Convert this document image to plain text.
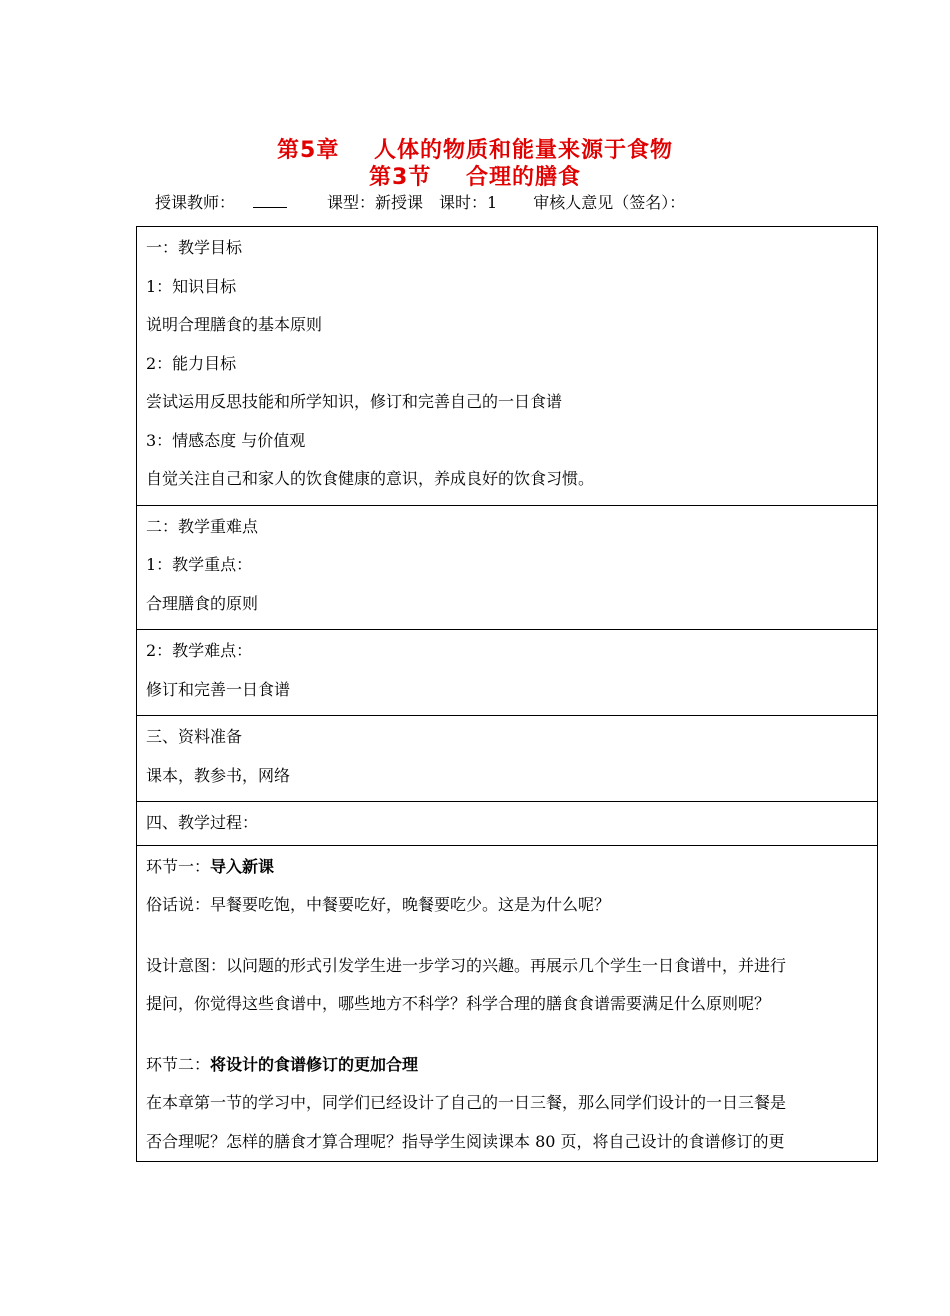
第5章    人体的物质和能量来源于食物
第3节    合理的膳食
授课教师：	课型：新授课 课时：1 审核人意见（签名）：
一：教学目标
1：知识目标
说明合理膳食的基本原则
2：能力目标
尝试运用反思技能和所学知识，修订和完善自己的一日食谱
3：情感态度 与价值观
自觉关注自己和家人的饮食健康的意识，养成良好的饮食习惯。

二：教学重难点
1：教学重点：
合理膳食的原则

2：教学难点：
修订和完善一日食谱

三、资料准备
课本，教参书，网络

四、教学过程：

环节一：导入新课
俗话说：早餐要吃饱，中餐要吃好，晚餐要吃少。这是为什么呢？
设计意图：以问题的形式引发学生进一步学习的兴趣。再展示几个学生一日食谱中，并进行
提问，你觉得这些食谱中，哪些地方不科学？科学合理的膳食食谱需要满足什么原则呢？
环节二：将设计的食谱修订的更加合理
在本章第一节的学习中，同学们已经设计了自己的一日三餐，那么同学们设计的一日三餐是
否合理呢？怎样的膳食才算合理呢？指导学生阅读课本 80 页，将自己设计的食谱修订的更
